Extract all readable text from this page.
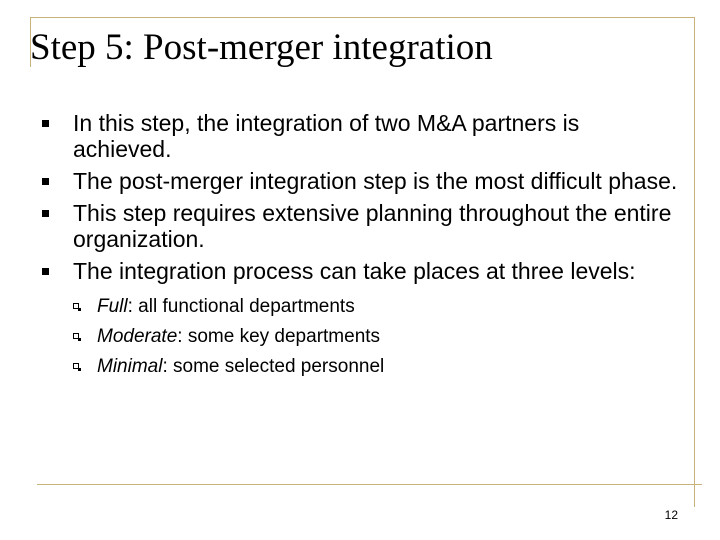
Step 5: Post-merger integration
In this step, the integration of two M&A partners is achieved.
The post-merger integration step is the most difficult phase.
This step requires extensive planning throughout the entire organization.
The integration process can take places at three levels:
Full: all functional departments
Moderate: some key departments
Minimal: some selected personnel
12
